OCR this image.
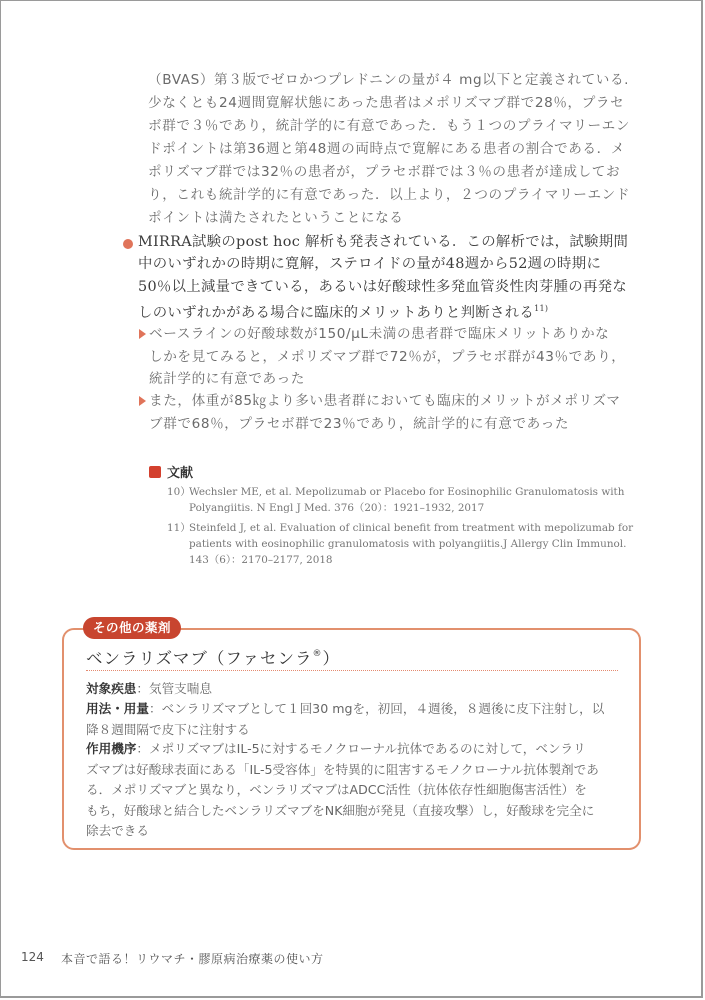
（BVAS）第３版でゼロかつプレドニンの量が４ mg以下と定義されている.
少なくとも24週間寛解状態にあった患者はメポリズマブ群で28％，プラセ
ボ群で３％であり，統計学的に有意であった．もう１つのプライマリーエン
ドポイントは第36週と第48週の両時点で寛解にある患者の割合である．メ
ポリズマブ群では32％の患者が，プラセボ群では３％の患者が達成してお
り，これも統計学的に有意であった．以上より，２つのプライマリーエンド
ポイントは満たされたということになる
MIRRA試験のpost hoc 解析も発表されている．この解析では，試験期間
中のいずれかの時期に寛解，ステロイドの量が48週から52週の時期に
50％以上減量できている，あるいは好酸球性多発血管炎性肉芽腫の再発な
しのいずれかがある場合に臨床的メリットありと判断される$^{11)}$
ベースラインの好酸球数が150/μL未満の患者群で臨床メリットありかな
しかを見てみると，メポリズマブ群で72％が，プラセボ群が43％であり，
統計学的に有意であった
また，体重が85㎏より多い患者群においても臨床的メリットがメポリズマ
ブ群で68％，プラセボ群で23％であり，統計学的に有意であった
文献
10）
Wechsler ME, et al. Mepolizumab or Placebo for Eosinophilic Granulomatosis with
Polyangiitis. N Engl J Med. 376（20）：1921–1932, 2017
11）
Steinfeld J, et al. Evaluation of clinical benefit from treatment with mepolizumab for
patients with eosinophilic granulomatosis with polyangiitis.J Allergy Clin Immunol.
143（6）：2170–2177, 2018
その他の薬剤
ベンラリズマブ（ファセンラ®）
対象疾患：気管支喘息
用法・用量：ベンラリズマブとして１回30 mgを，初回，４週後，８週後に皮下注射し，以
降８週間隔で皮下に注射する
作用機序：メポリズマブはIL-5に対するモノクローナル抗体であるのに対して，ベンラリ
ズマブは好酸球表面にある「IL-5受容体」を特異的に阻害するモノクローナル抗体製剤であ
る．メポリズマブと異なり，ベンラリズマブはADCC活性（抗体依存性細胞傷害活性）を
もち，好酸球と結合したベンラリズマブをNK細胞が発見（直接攻撃）し，好酸球を完全に
除去できる
124 本音で語る！リウマチ・膠原病治療薬の使い方
